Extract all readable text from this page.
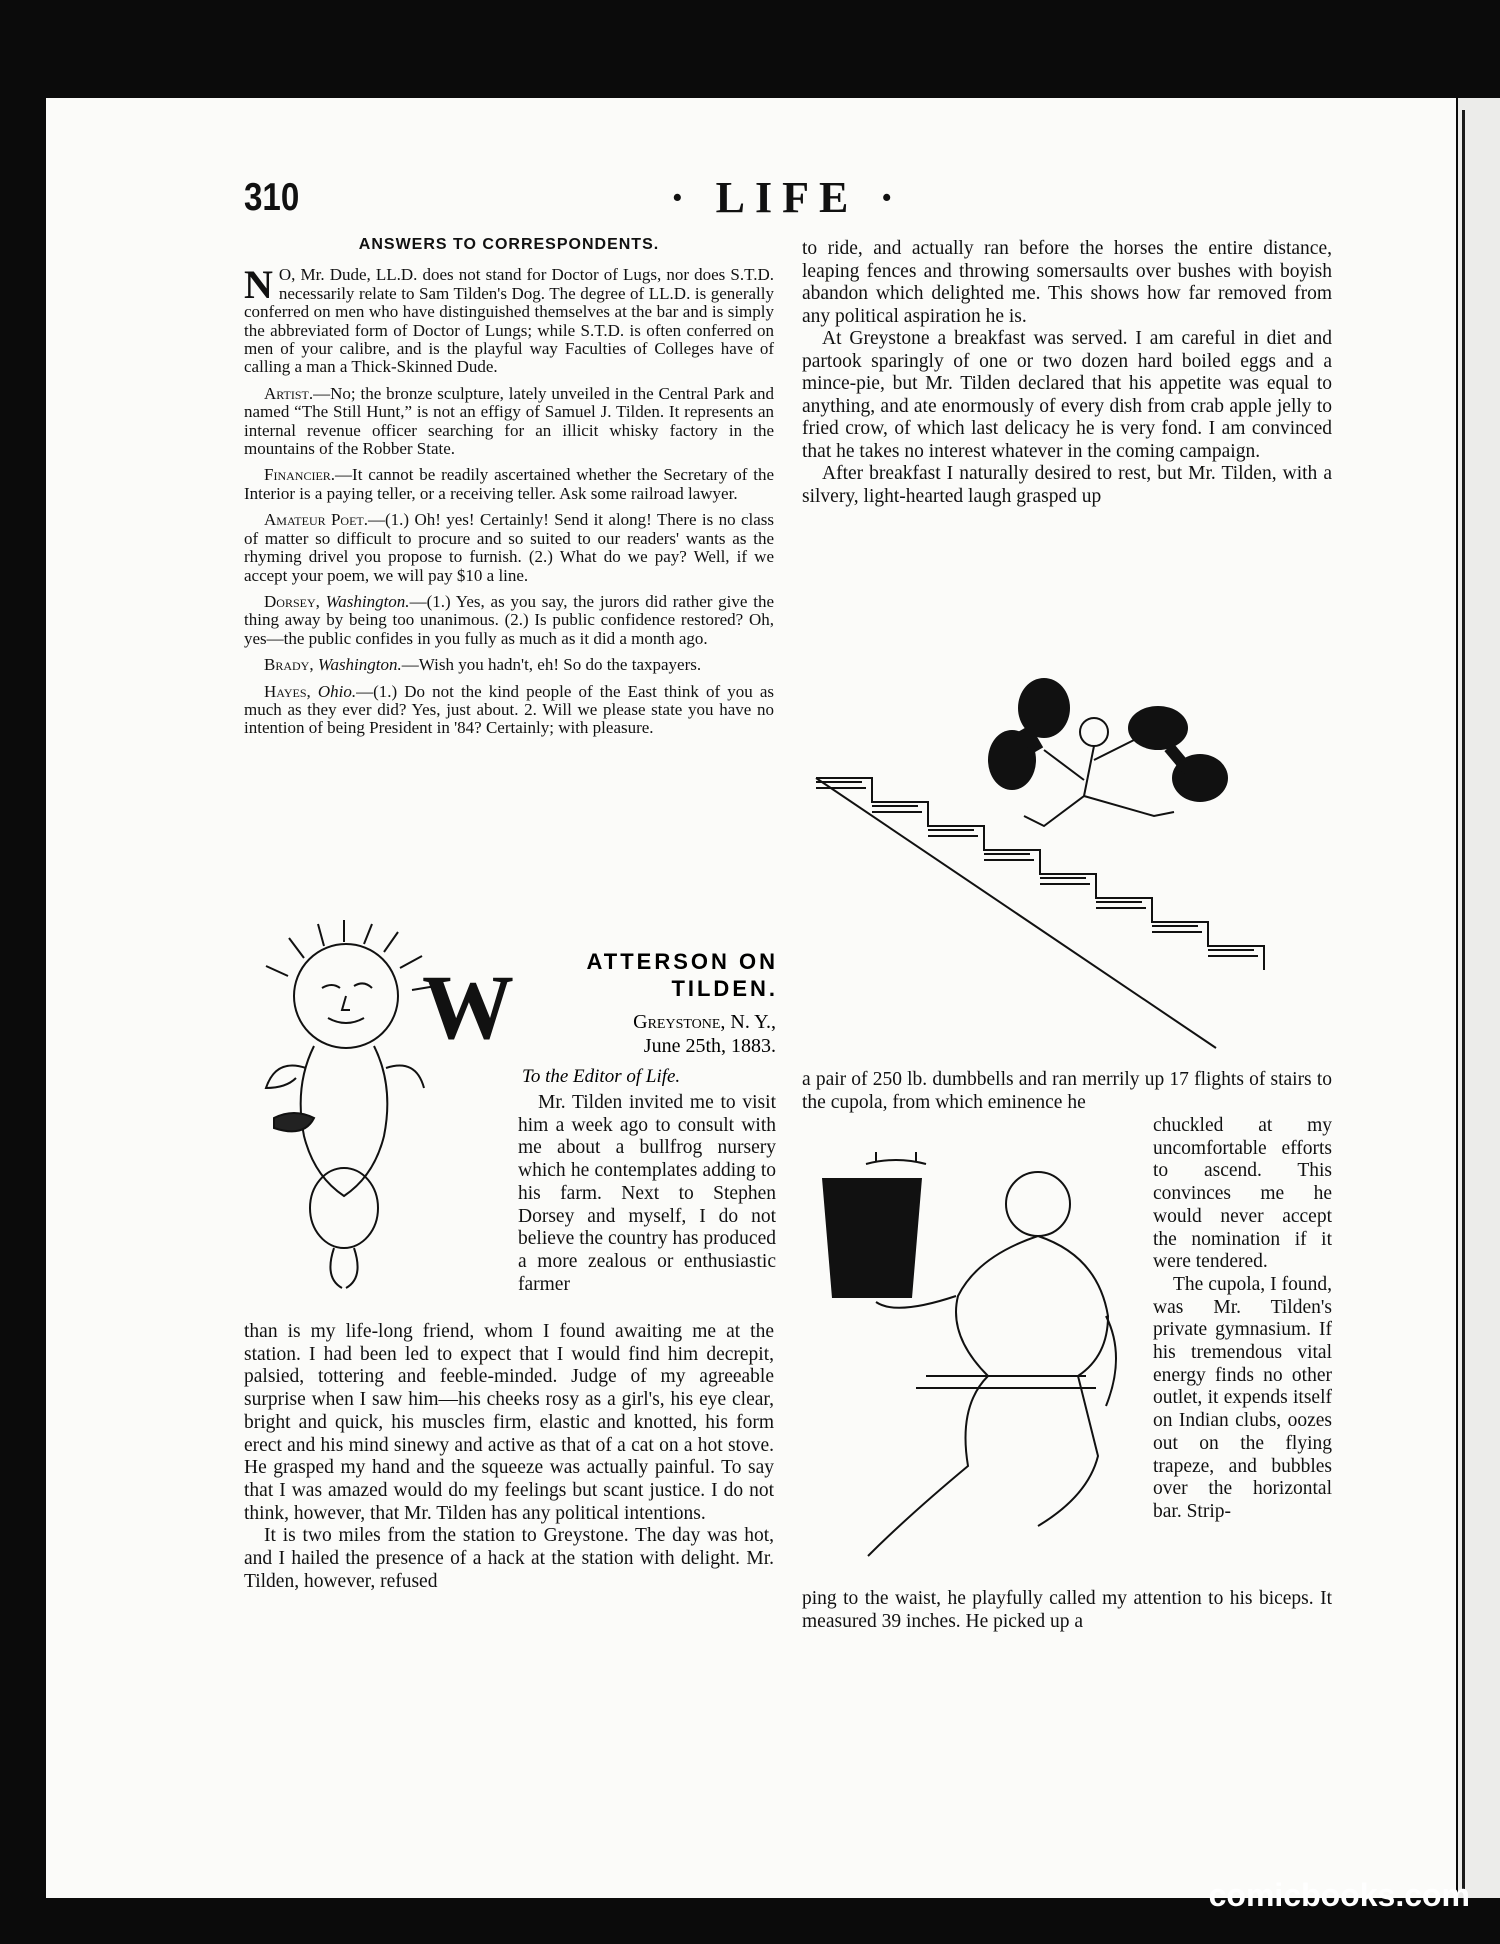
310	· LIFE ·
ANSWERS TO CORRESPONDENTS.

N O, Mr. Dude, LL.D. does not stand for Doctor of Lugs, nor does S.T.D. necessarily relate to Sam Tilden's Dog. The degree of LL.D. is generally conferred on men who have distinguished themselves at the bar and is simply the abbreviated form of Doctor of Lungs; while S.T.D. is often conferred on men of your calibre, and is the playful way Faculties of Colleges have of calling a man a Thick-Skinned Dude.

Artist.—No; the bronze sculpture, lately unveiled in the Central Park and named “The Still Hunt,” is not an effigy of Samuel J. Tilden. It represents an internal revenue officer searching for an illicit whisky factory in the mountains of the Robber State.

Financier.—It cannot be readily ascertained whether the Secretary of the Interior is a paying teller, or a receiving teller. Ask some railroad lawyer.

Amateur Poet.—(1.) Oh! yes! Certainly! Send it along! There is no class of matter so difficult to procure and so suited to our readers' wants as the rhyming drivel you propose to furnish. (2.) What do we pay? Well, if we accept your poem, we will pay $10 a line.

Dorsey, Washington.—(1.) Yes, as you say, the jurors did rather give the thing away by being too unanimous. (2.) Is public confidence restored? Oh, yes—the public confides in you fully as much as it did a month ago.

Brady, Washington.—Wish you hadn't, eh! So do the taxpayers.

Hayes, Ohio.—(1.) Do not the kind people of the East think of you as much as they ever did? Yes, just about. 2. Will we please state you have no intention of being President in '84? Certainly; with pleasure.

W	ATTERSON ON
TILDEN.
Greystone, N. Y.,
June 25th, 1883.
To the Editor of Life.
Mr. Tilden invited me to visit him a week ago to consult with me about a bullfrog nursery which he contemplates adding to his farm. Next to Stephen Dorsey and myself, I do not believe the country has produced a more zealous or enthusiastic farmer
than is my life-long friend, whom I found awaiting me at the station. I had been led to expect that I would find him decrepit, palsied, tottering and feeble-minded. Judge of my agreeable surprise when I saw him—his cheeks rosy as a girl's, his eye clear, bright and quick, his muscles firm, elastic and knotted, his form erect and his mind sinewy and active as that of a cat on a hot stove. He grasped my hand and the squeeze was actually painful. To say that I was amazed would do my feelings but scant justice. I do not think, however, that Mr. Tilden has any political intentions.
It is two miles from the station to Greystone. The day was hot, and I hailed the presence of a hack at the station with delight. Mr. Tilden, however, refused

to ride, and actually ran before the horses the entire distance, leaping fences and throwing somersaults over bushes with boyish abandon which delighted me. This shows how far removed from any political aspiration he is.

At Greystone a breakfast was served. I am careful in diet and partook sparingly of one or two dozen hard boiled eggs and a mince-pie, but Mr. Tilden declared that his appetite was equal to anything, and ate enormously of every dish from crab apple jelly to fried crow, of which last delicacy he is very fond. I am convinced that he takes no interest whatever in the coming campaign.

After breakfast I naturally desired to rest, but Mr. Tilden, with a silvery, light-hearted laugh grasped up

a pair of 250 lb. dumbbells and ran merrily up 17 flights of stairs to the cupola, from which eminence he
chuckled at my uncomfortable efforts to ascend. This convinces me he would never accept the nomination if it were tendered.
The cupola, I found, was Mr. Tilden's private gymnasium. If his tremendous vital energy finds no other outlet, it expends itself on Indian clubs, oozes out on the flying trapeze, and bubbles over the horizontal bar. Strip-
ping to the waist, he playfully called my attention to his biceps. It measured 39 inches. He picked up a
comicbooks.com
